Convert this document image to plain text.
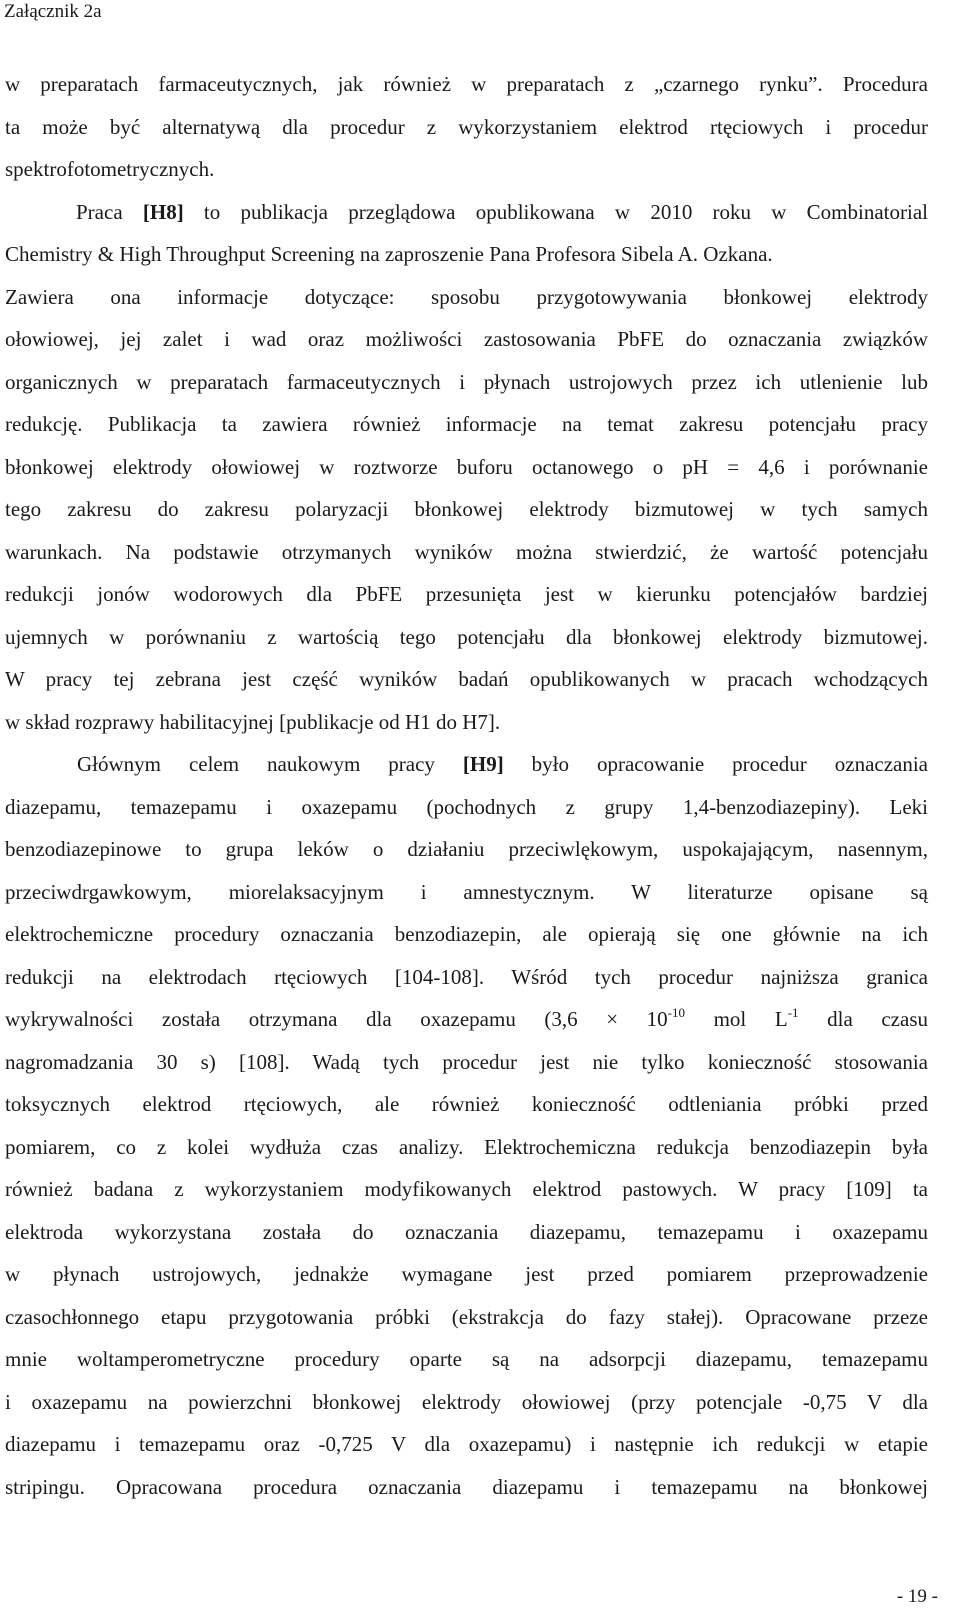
Załącznik 2a
w preparatach farmaceutycznych, jak również w preparatach z „czarnego rynku”. Procedura
ta może być alternatywą dla procedur z wykorzystaniem elektrod rtęciowych i procedur
spektrofotometrycznych.
Praca [H8] to publikacja przeglądowa opublikowana w 2010 roku w Combinatorial
Chemistry & High Throughput Screening na zaproszenie Pana Profesora Sibela A. Ozkana.
Zawiera ona informacje dotyczące: sposobu przygotowywania błonkowej elektrody
ołowiowej, jej zalet i wad oraz możliwości zastosowania PbFE do oznaczania związków
organicznych w preparatach farmaceutycznych i płynach ustrojowych przez ich utlenienie lub
redukcję. Publikacja ta zawiera również informacje na temat zakresu potencjału pracy
błonkowej elektrody ołowiowej w roztworze buforu octanowego o pH = 4,6 i porównanie
tego zakresu do zakresu polaryzacji błonkowej elektrody bizmutowej w tych samych
warunkach. Na podstawie otrzymanych wyników można stwierdzić, że wartość potencjału
redukcji jonów wodorowych dla PbFE przesunięta jest w kierunku potencjałów bardziej
ujemnych w porównaniu z wartością tego potencjału dla błonkowej elektrody bizmutowej.
W pracy tej zebrana jest część wyników badań opublikowanych w pracach wchodzących
w skład rozprawy habilitacyjnej [publikacje od H1 do H7].
Głównym celem naukowym pracy [H9] było opracowanie procedur oznaczania
diazepamu, temazepamu i oxazepamu (pochodnych z grupy 1,4-benzodiazepiny). Leki
benzodiazepinowe to grupa leków o działaniu przeciwlękowym, uspokajającym, nasennym,
przeciwdrgawkowym, miorelaksacyjnym i amnestycznym. W literaturze opisane są
elektrochemiczne procedury oznaczania benzodiazepin, ale opierają się one głównie na ich
redukcji na elektrodach rtęciowych [104-108]. Wśród tych procedur najniższa granica
wykrywalności została otrzymana dla oxazepamu ($3,6 \times 10^{-10}$ mol $L^{-1}$ dla czasu
nagromadzania 30 s) [108]. Wadą tych procedur jest nie tylko konieczność stosowania
toksycznych elektrod rtęciowych, ale również konieczność odtleniania próbki przed
pomiarem, co z kolei wydłuża czas analizy. Elektrochemiczna redukcja benzodiazepin była
również badana z wykorzystaniem modyfikowanych elektrod pastowych. W pracy [109] ta
elektroda wykorzystana została do oznaczania diazepamu, temazepamu i oxazepamu
w płynach ustrojowych, jednakże wymagane jest przed pomiarem przeprowadzenie
czasochłonnego etapu przygotowania próbki (ekstrakcja do fazy stałej). Opracowane przeze
mnie woltamperometryczne procedury oparte są na adsorpcji diazepamu, temazepamu
i oxazepamu na powierzchni błonkowej elektrody ołowiowej (przy potencjale -0,75 V dla
diazepamu i temazepamu oraz -0,725 V dla oxazepamu) i następnie ich redukcji w etapie
stripingu. Opracowana procedura oznaczania diazepamu i temazepamu na błonkowej
- 19 -
